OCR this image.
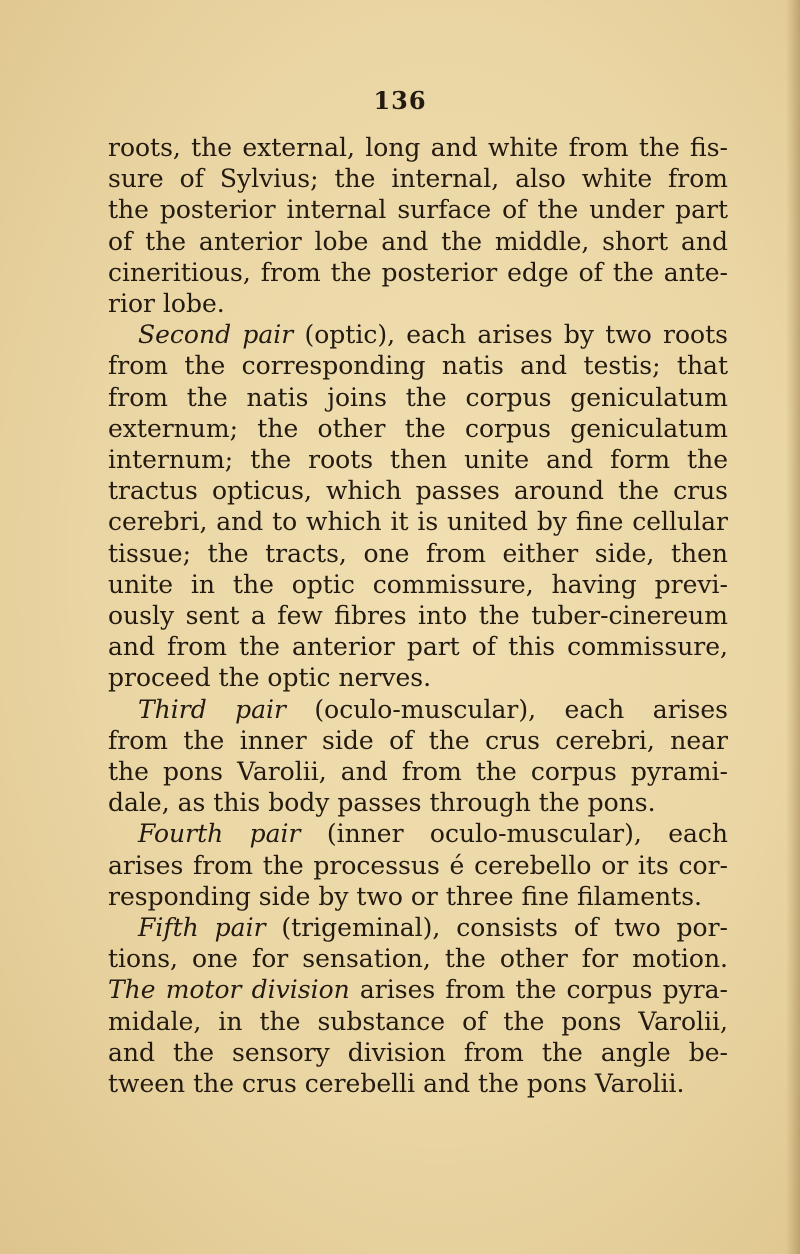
136
roots, the external, long and white from the fis-
sure of Sylvius; the internal, also white from
the posterior internal surface of the under part
of the anterior lobe and the middle, short and
cineritious, from the posterior edge of the ante-
rior lobe.
Second pair (optic), each arises by two roots
from the corresponding natis and testis; that
from the natis joins the corpus geniculatum
externum; the other the corpus geniculatum
internum; the roots then unite and form the
tractus opticus, which passes around the crus
cerebri, and to which it is united by fine cellular
tissue; the tracts, one from either side, then
unite in the optic commissure, having previ-
ously sent a few fibres into the tuber-cinereum
and from the anterior part of this commissure,
proceed the optic nerves.
Third pair (oculo-muscular), each arises
from the inner side of the crus cerebri, near
the pons Varolii, and from the corpus pyrami-
dale, as this body passes through the pons.
Fourth pair (inner oculo-muscular), each
arises from the processus é cerebello or its cor-
responding side by two or three fine filaments.
Fifth pair (trigeminal), consists of two por-
tions, one for sensation, the other for motion.
The motor division arises from the corpus pyra-
midale, in the substance of the pons Varolii,
and the sensory division from the angle be-
tween the crus cerebelli and the pons Varolii.
